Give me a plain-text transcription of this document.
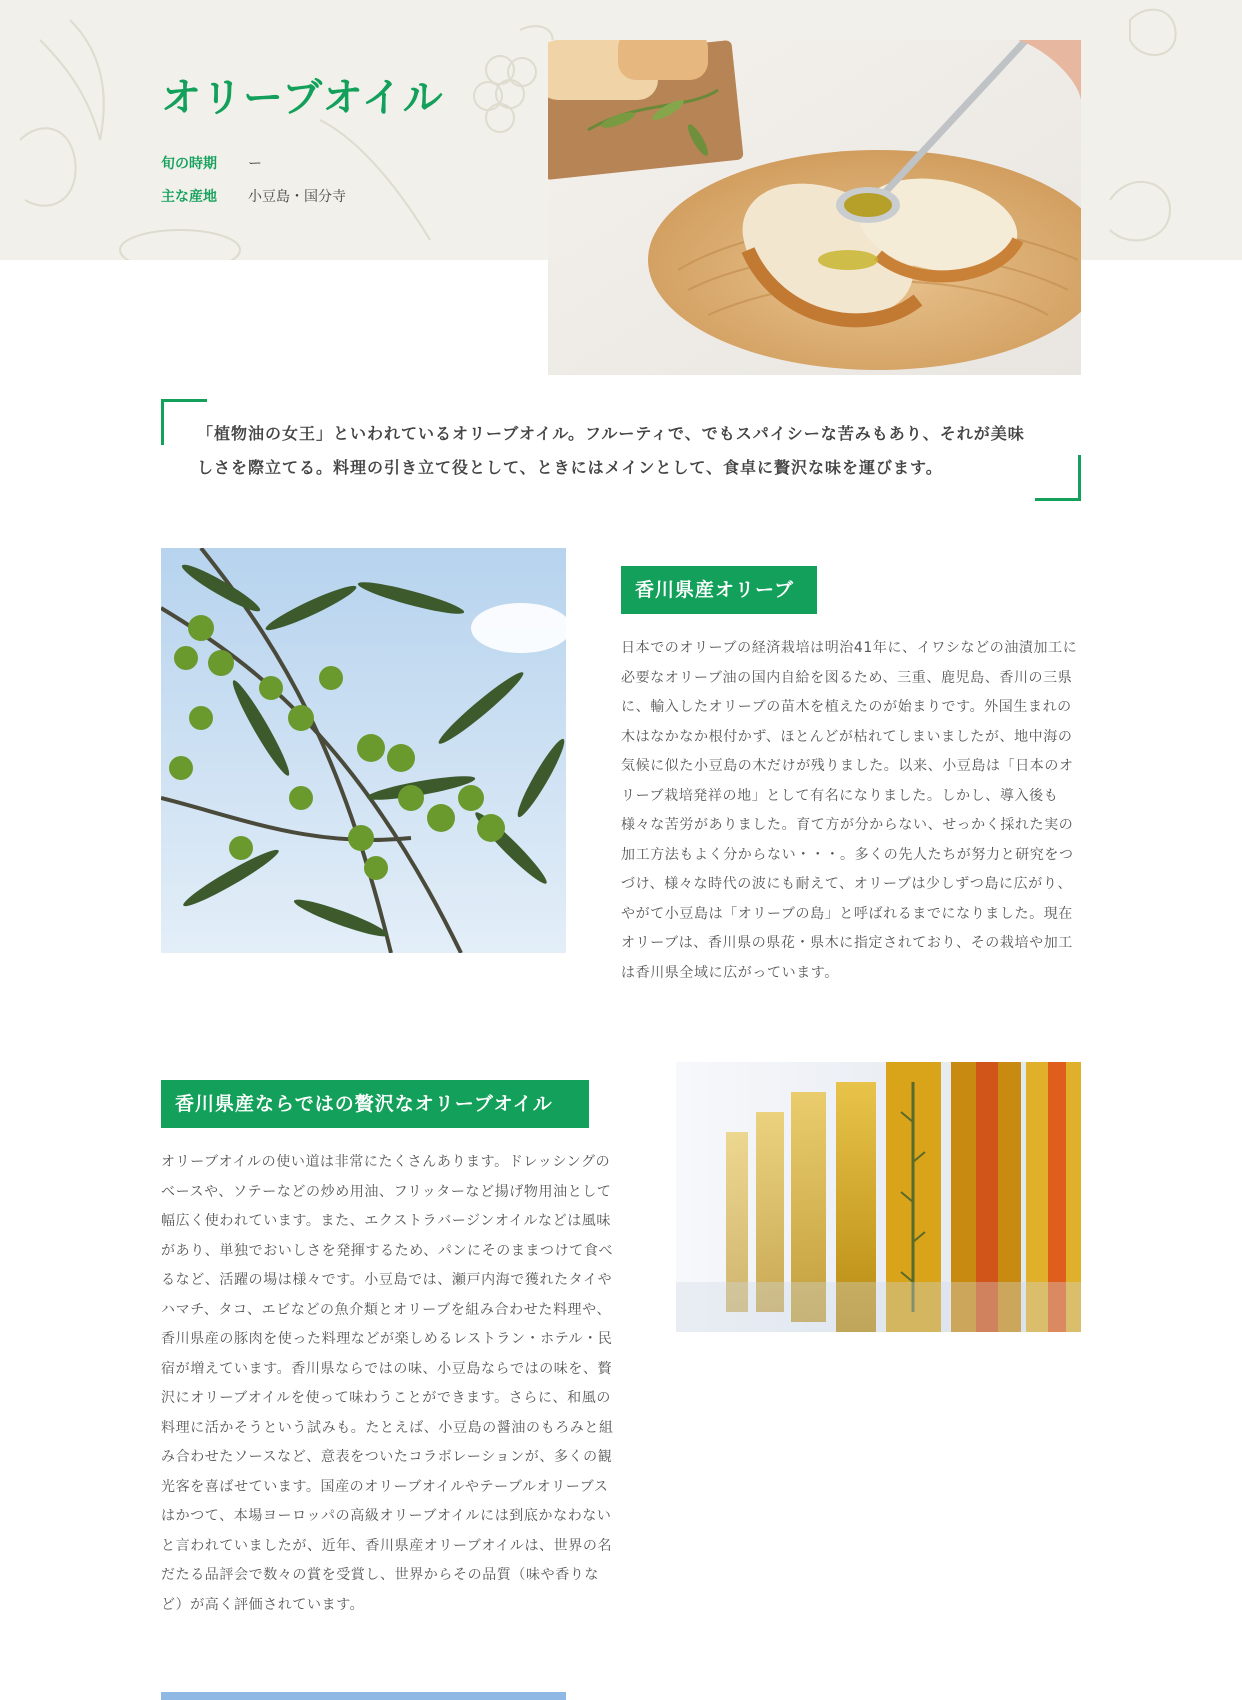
オリーブオイル
旬の時期	ー
主な産地	小豆島・国分寺

「植物油の女王」といわれているオリーブオイル。フルーティで、でもスパイシーな苦みもあり、それが美味しさを際立てる。料理の引き立て役として、ときにはメインとして、食卓に贅沢な味を運びます。

香川県産オリーブ

日本でのオリーブの経済栽培は明治41年に、イワシなどの油漬加工に必要なオリーブ油の国内自給を図るため、三重、鹿児島、香川の三県に、輸入したオリーブの苗木を植えたのが始まりです。外国生まれの木はなかなか根付かず、ほとんどが枯れてしまいましたが、地中海の気候に似た小豆島の木だけが残りました。以来、小豆島は「日本のオリーブ栽培発祥の地」として有名になりました。しかし、導入後も様々な苦労がありました。育て方が分からない、せっかく採れた実の加工方法もよく分からない・・・。多くの先人たちが努力と研究をつづけ、様々な時代の波にも耐えて、オリーブは少しずつ島に広がり、やがて小豆島は「オリーブの島」と呼ばれるまでになりました。現在オリーブは、香川県の県花・県木に指定されており、その栽培や加工は香川県全域に広がっています。

香川県産ならではの贅沢なオリーブオイル

オリーブオイルの使い道は非常にたくさんあります。ドレッシングのベースや、ソテーなどの炒め用油、フリッターなど揚げ物用油として幅広く使われています。また、エクストラバージンオイルなどは風味があり、単独でおいしさを発揮するため、パンにそのままつけて食べるなど、活躍の場は様々です。小豆島では、瀬戸内海で獲れたタイやハマチ、タコ、エビなどの魚介類とオリーブを組み合わせた料理や、香川県産の豚肉を使った料理などが楽しめるレストラン・ホテル・民宿が増えています。香川県ならではの味、小豆島ならではの味を、贅沢にオリーブオイルを使って味わうことができます。さらに、和風の料理に活かそうという試みも。たとえば、小豆島の醤油のもろみと組み合わせたソースなど、意表をついたコラボレーションが、多くの観光客を喜ばせています。国産のオリーブオイルやテーブルオリーブスはかつて、本場ヨーロッパの高級オリーブオイルには到底かなわないと言われていましたが、近年、香川県産オリーブオイルは、世界の名だたる品評会で数々の賞を受賞し、世界からその品質（味や香りなど）が高く評価されています。
